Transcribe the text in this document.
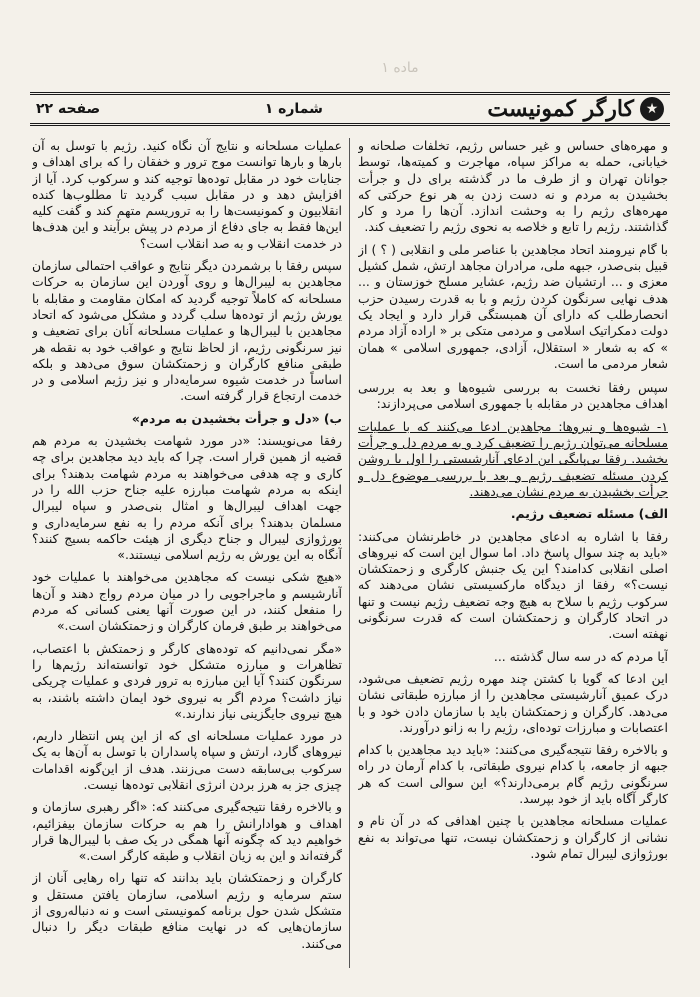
۱ ماده
★
کارگر کمونیست
شماره ۱
صفحه ۲۲

و مهره‌های حساس و غیر حساس رژیم، تخلفات صلحانه و خیابانی، حمله به مراکز سپاه، مهاجرت و کمیته‌ها، توسط جوانان تهران و از طرف ما در گذشته برای دل و جرأت بخشیدن به مردم و نه دست زدن به هر نوع حرکتی که مهره‌های رژیم را به وحشت اندازد. آن‌ها را مرد و کار گذاشتند. رژیم را تابع و خلاصه به نحوی رژیم را تضعیف کند.

با گام نیرومند اتحاد مجاهدین با عناصر ملی و انقلابی ( ؟ ) از قبیل بنی‌صدر، جبهه ملی، مرادران مجاهد ارتش، شمل کشیل معزی و ... ارتشیان ضد رژیم، عشایر مسلح خوزستان و ... هدف نهایی سرنگون کردن رژیم و با به قدرت رسیدن حزب انحصارطلب که دارای آن همبستگی قرار دارد و ایجاد یک دولت دمکراتیک اسلامی و مردمی متکی بر « اراده آزاد مردم » که به شعار « استقلال، آزادی، جمهوری اسلامی » همان شعار مردمی ما است.

سپس رفقا نخست به بررسی شیوه‌ها و بعد به بررسی اهداف مجاهدین در مقابله با جمهوری اسلامی می‌پردازند:

۱- شیوه‌ها و نیروها: مجاهدین ادعا می‌کنند که با عملیات مسلحانه می‌توان رژیم را تضعیف کرد و به مردم دل و جرأت بخشید. رفقا بی‌پایگی این ادعای آنارشیستی را اول با روشن کردن مسئله تضعیف رژیم و بعد با بررسی موضوع دل و جرأت بخشیدن به مردم نشان می‌دهند.

الف) مسئله تضعیف رژیم.

رفقا با اشاره به ادعای مجاهدین در خاطرنشان می‌کنند: «باید به چند سوال پاسخ داد. اما سوال این است که نیروهای اصلی انقلابی کدامند؟ این یک جنبش کارگری و زحمتکشان نیست؟» رفقا از دیدگاه مارکسیستی نشان می‌دهند که سرکوب رژیم با سلاح به هیچ وجه تضعیف رژیم نیست و تنها در اتحاد کارگران و زحمتکشان است که قدرت سرنگونی نهفته است.

آیا مردم که در سه سال گذشته ...

این ادعا که گویا با کشتن چند مهره رژیم تضعیف می‌شود، درک عمیق آنارشیستی مجاهدین را از مبارزه طبقاتی نشان می‌دهد. کارگران و زحمتکشان باید با سازمان دادن خود و با اعتصابات و مبارزات توده‌ای، رژیم را به زانو درآورند.

و بالاخره رفقا نتیجه‌گیری می‌کنند: «باید دید مجاهدین با کدام جبهه از جامعه، با کدام نیروی طبقاتی، با کدام آرمان در راه سرنگونی رژیم گام برمی‌دارند؟» این سوالی است که هر کارگر آگاه باید از خود بپرسد.

عملیات مسلحانه مجاهدین با چنین اهدافی که در آن نام و نشانی از کارگران و زحمتکشان نیست، تنها می‌تواند به نفع بورژوازی لیبرال تمام شود.

عملیات مسلحانه و نتایج آن نگاه کنید. رژیم با توسل به آن بارها و بارها توانست موج ترور و خفقان را که برای اهداف و جنایات خود در مقابل توده‌ها توجیه کند و سرکوب کرد. آیا از افزایش دهد و در مقابل سبب گردید تا مطلوب‌ها کنده انقلابیون و کمونیست‌ها را به تروریسم متهم کند و گفت کلیه این‌ها فقط به جای دفاع از مردم در پیش برآیند و این هدف‌ها در خدمت انقلاب و به صد انقلاب است؟

سپس رفقا با برشمردن دیگر نتایج و عواقب احتمالی سازمان مجاهدین به لیبرال‌ها و روی آوردن این سازمان به حرکات مسلحانه که کاملاً توجیه گردید که امکان مقاومت و مقابله با یورش رژیم از توده‌ها سلب گردد و مشکل می‌شود که اتحاد مجاهدین با لیبرال‌ها و عملیات مسلحانه آنان برای تضعیف و نیز سرنگونی رژیم، از لحاظ نتایج و عواقب خود به نقطه هر طبقی منافع کارگران و زحمتکشان سوق می‌دهد و بلکه اساساً در خدمت شیوه سرمایه‌دار و نیز رژیم اسلامی و در خدمت ارتجاع قرار گرفته است.

ب) «دل و جرأت بخشیدن به مردم»

رفقا می‌نویسند: «در مورد شهامت بخشیدن به مردم هم قضیه از همین قرار است. چرا که باید دید مجاهدین برای چه کاری و چه هدفی می‌خواهند به مردم شهامت بدهند؟ برای اینکه به مردم شهامت مبارزه علیه جناح حزب الله را در جهت اهداف لیبرال‌ها و امثال بنی‌صدر و سپاه لیبرال مسلمان بدهند؟ برای آنکه مردم را به نفع سرمایه‌داری و بورژوازی لیبرال و جناح دیگری از هیئت حاکمه بسیج کنند؟ آنگاه به این یورش به رژیم اسلامی نیستند.»

«هیچ شکی نیست که مجاهدین می‌خواهند با عملیات خود آنارشیسم و ماجراجویی را در میان مردم رواج دهند و آن‌ها را منفعل کنند، در این صورت آنها یعنی کسانی که مردم می‌خواهند بر طبق فرمان کارگران و زحمتکشان است.»

«مگر نمی‌دانیم که توده‌های کارگر و زحمتکش با اعتصاب، تظاهرات و مبارزه متشکل خود توانسته‌اند رژیم‌ها را سرنگون کنند؟ آیا این مبارزه به ترور فردی و عملیات چریکی نیاز داشت؟ مردم اگر به نیروی خود ایمان داشته باشند، به هیچ نیروی جایگزینی نیاز ندارند.»

در مورد عملیات مسلحانه ای که از این پس انتظار داریم، نیروهای گارد، ارتش و سپاه پاسداران با توسل به آن‌ها به یک سرکوب بی‌سابقه دست می‌زنند. هدف از این‌گونه اقدامات چیزی جز به هرز بردن انرژی انقلابی توده‌ها نیست.

و بالاخره رفقا نتیجه‌گیری می‌کنند که: «اگر رهبری سازمان و اهداف و هوادارانش را هم به حرکات سازمان بیفزائیم، خواهیم دید که چگونه آنها همگی در یک صف با لیبرال‌ها قرار گرفته‌اند و این به زیان انقلاب و طبقه کارگر است.»

کارگران و زحمتکشان باید بدانند که تنها راه رهایی آنان از ستم سرمایه و رژیم اسلامی، سازمان یافتن مستقل و متشکل شدن حول برنامه کمونیستی است و نه دنباله‌روی از سازمان‌هایی که در نهایت منافع طبقات دیگر را دنبال می‌کنند.
